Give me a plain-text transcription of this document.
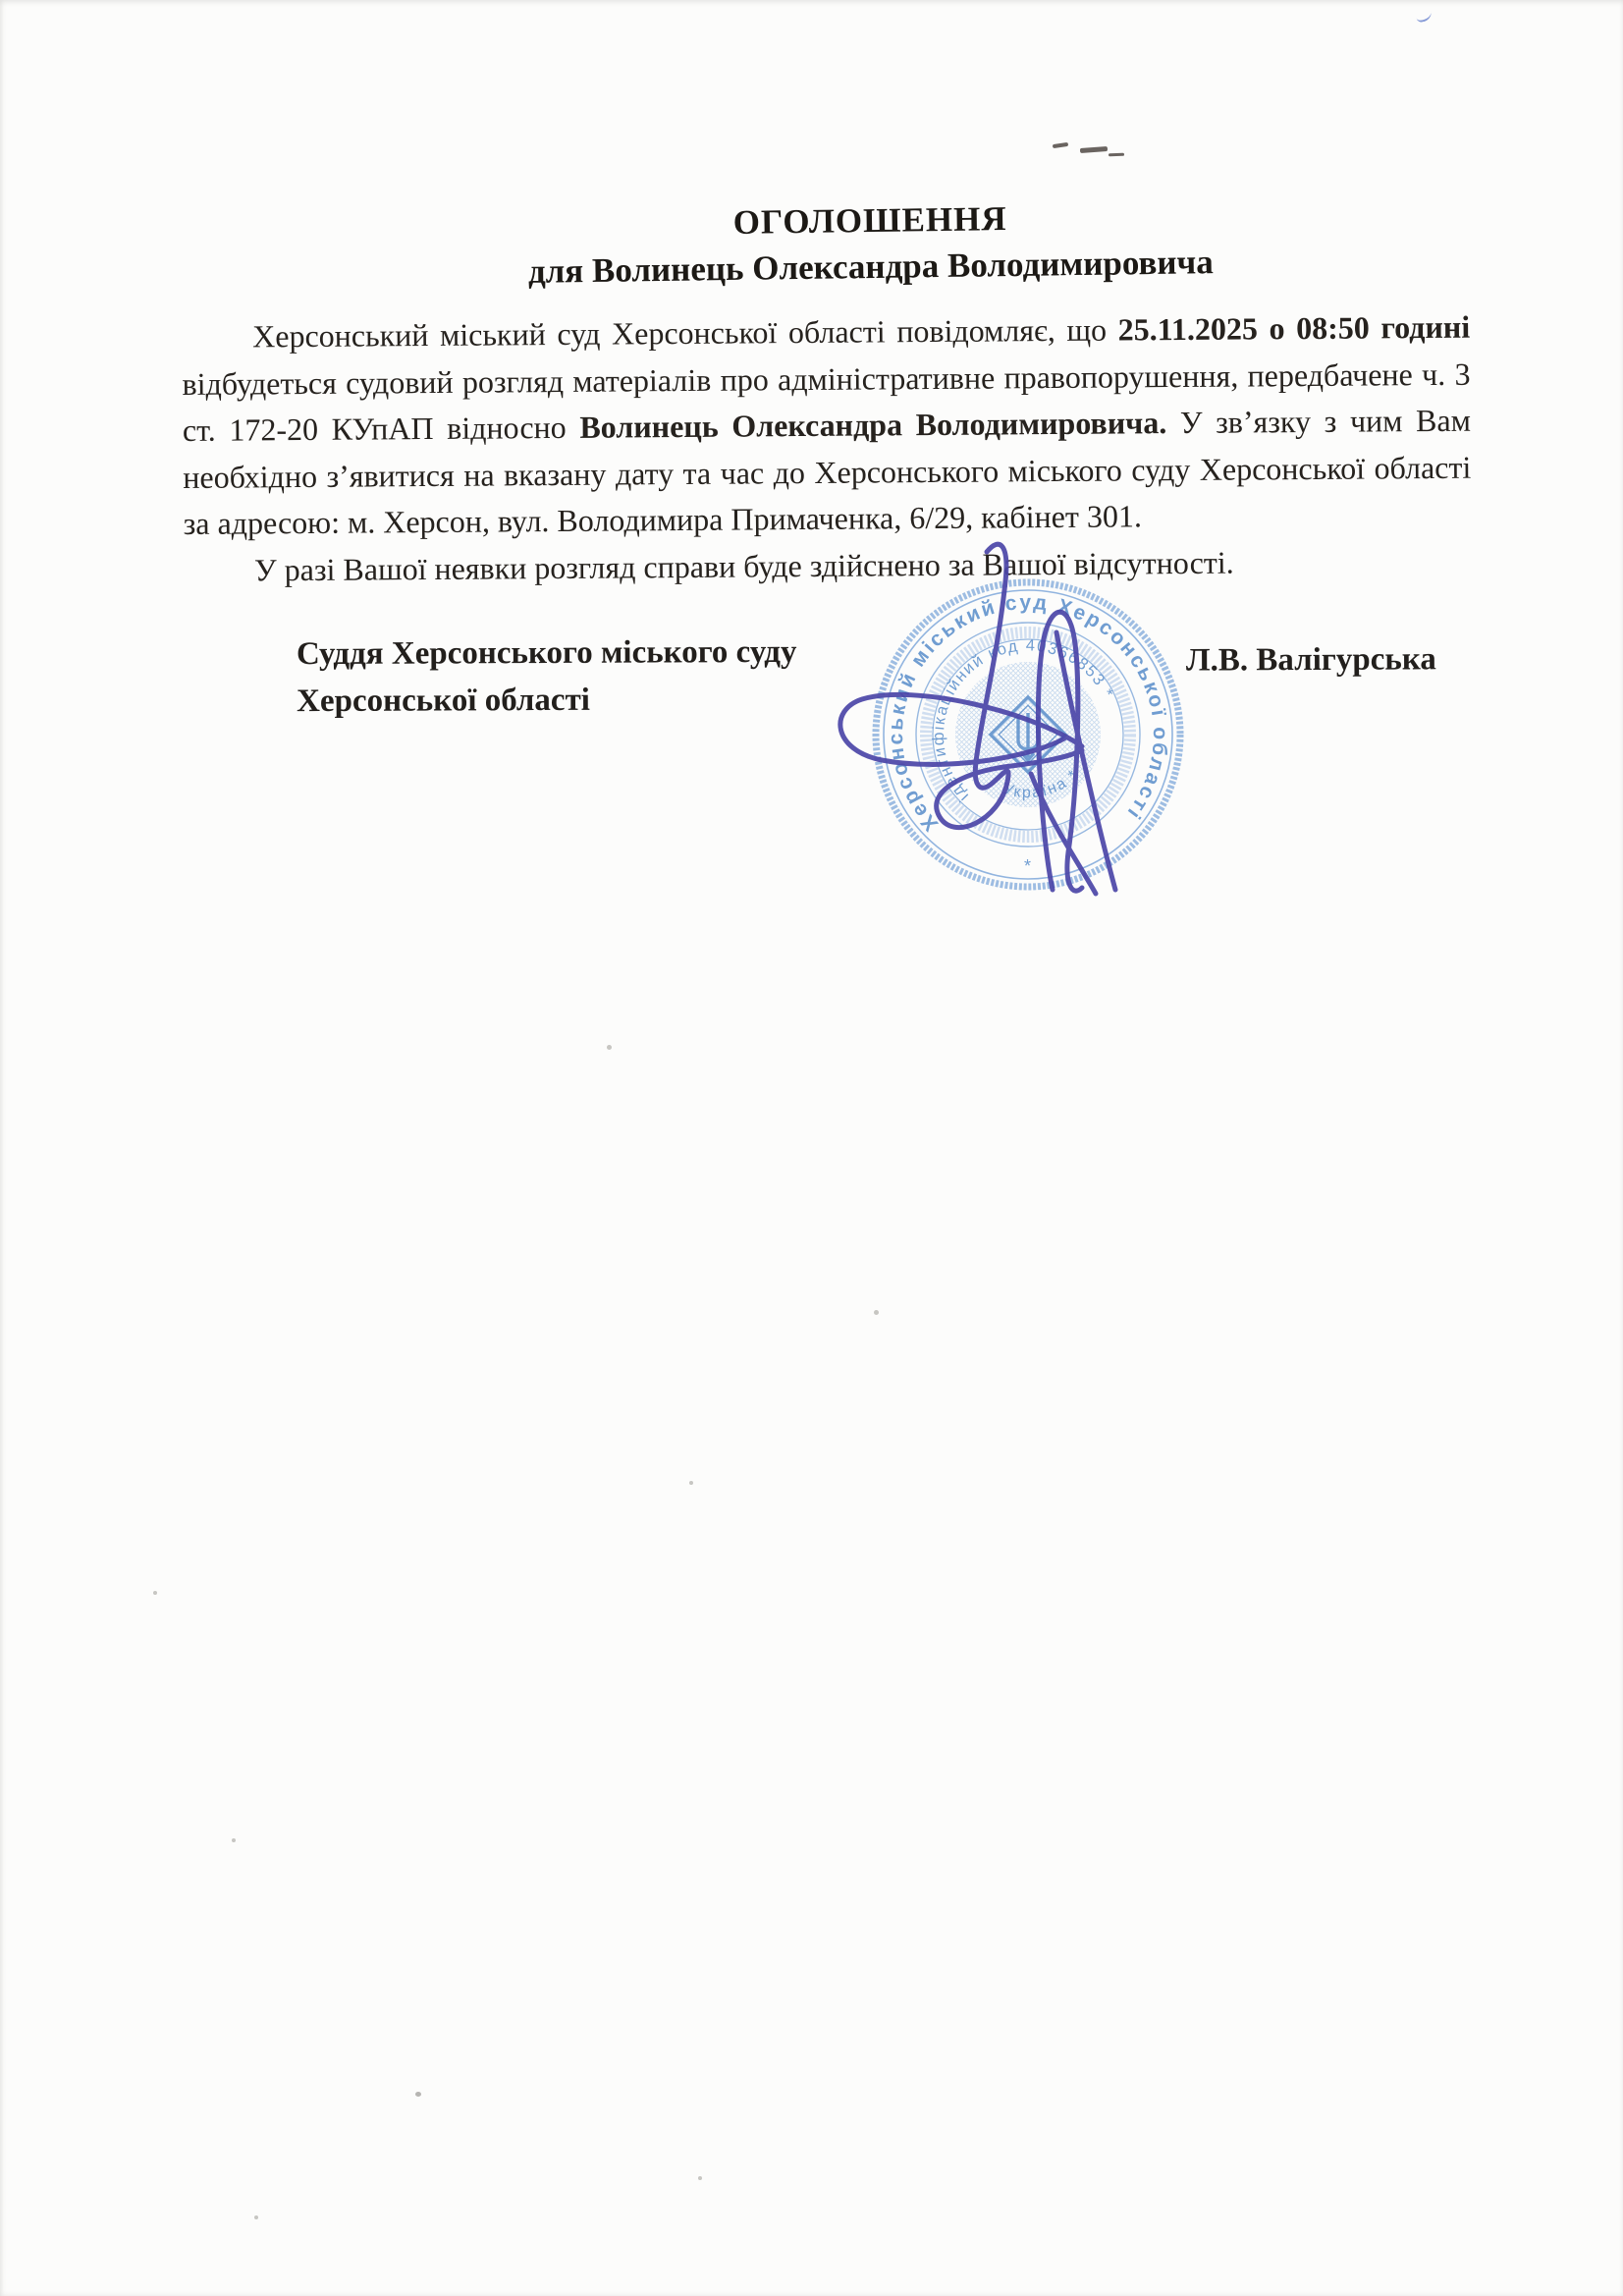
ОГОЛОШЕННЯ
для Волинець Олександра Володимировича

Херсонський міський суд Херсонської області повідомляє, що 25.11.2025 о 08:50 годині відбудеться судовий розгляд матеріалів про адміністративне правопорушення, передбачене ч. 3 ст. 172-20 КУпАП відносно Волинець Олександра Володимировича. У зв’язку з чим Вам необхідно з’явитися на вказану дату та час до Херсонського міського суду Херсонської області за адресою: м. Херсон, вул. Володимира Примаченка, 6/29, кабінет 301.

У разі Вашої неявки розгляд справи буде здійснено за Вашої відсутності.

Суддя Херсонського міського суду
Херсонської області
Л.В. Валігурська
Херсонський міський суд Херсонської області
ідентифікаційний код 40366853 *
Україна *
*
